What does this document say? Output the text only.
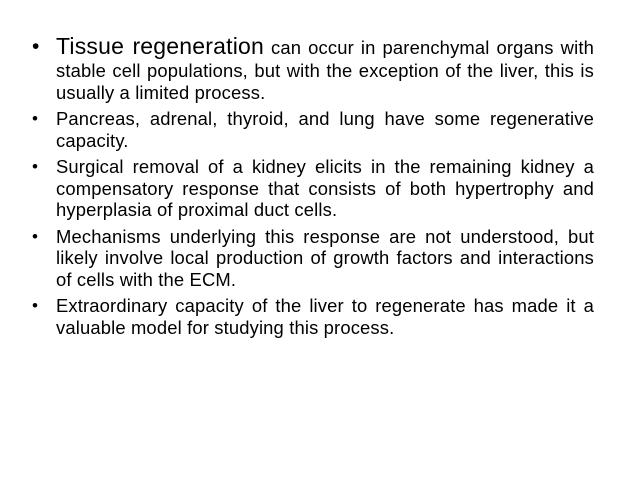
• Tissue regeneration can occur in parenchymal organs with stable cell populations, but with the exception of the liver, this is usually a limited process.
• Pancreas, adrenal, thyroid, and lung have some regenerative capacity.
• Surgical removal of a kidney elicits in the remaining kidney a compensatory response that consists of both hypertrophy and hyperplasia of proximal duct cells.
• Mechanisms underlying this response are not understood, but likely involve local production of growth factors and interactions of cells with the ECM.
• Extraordinary capacity of the liver to regenerate has made it a valuable model for studying this process.
